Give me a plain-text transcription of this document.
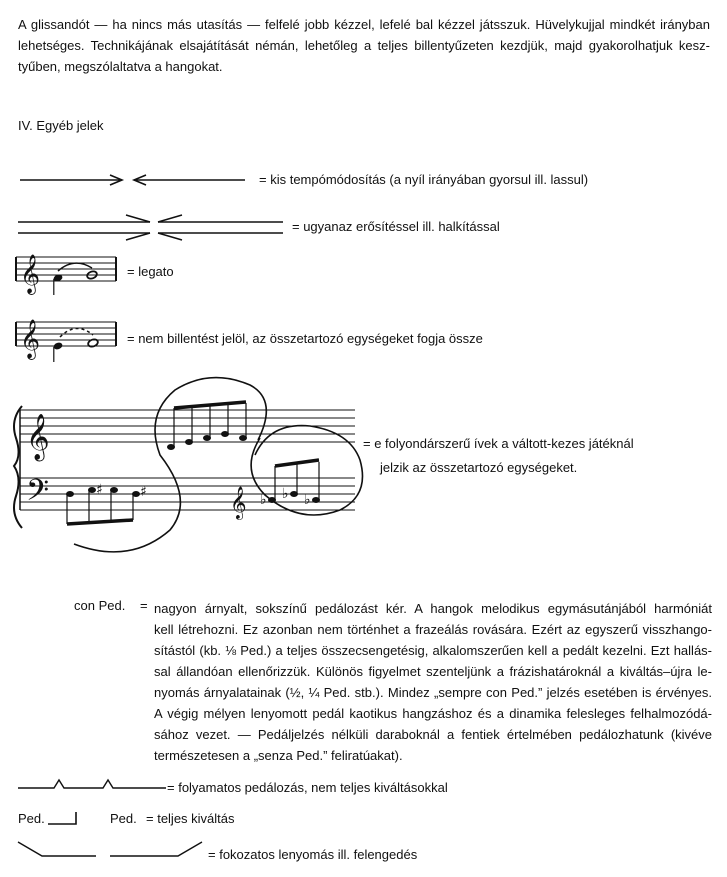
A glissandót — ha nincs más utasítás — felfelé jobb kézzel, lefelé bal kézzel játsszuk. Hüvelykujjal mindkét irányban
lehetséges. Technikájának elsajátítását némán, lehetőleg a teljes billentyűzeten kezdjük, majd gyakorolhatjuk kesz-
tyűben, megszólaltatva a hangokat.
IV. Egyéb jelek
= kis tempómódosítás (a nyíl irányában gyorsul ill. lassul)
= ugyanaz erősítéssel ill. halkítással
𝄞	= legato
𝄞	= nem billentést jelöl, az összetartozó egységeket fogja össze
𝄞
𝄢	♯	♯	𝄞 ♭ ♭ ♭
= e folyondárszerű ívek a váltott-kezes játéknál
jelzik az összetartozó egységeket.
con Ped. = nagyon árnyalt, sokszínű pedálozást kér. A hangok melodikus egymásutánjából harmóniát
kell létrehozni. Ez azonban nem történhet a frazeálás rovására. Ezért az egyszerű visszhango-
sítástól (kb. ⅛ Ped.) a teljes összecsengetésig, alkalomszerűen kell a pedált kezelni. Ezt hallás-
sal állandóan ellenőrizzük. Különös figyelmet szenteljünk a frázishatároknál a kiváltás–újra le-
nyomás árnyalatainak (½, ¼ Ped. stb.). Mindez „sempre con Ped.” jelzés esetében is érvényes.
A végig mélyen lenyomott pedál kaotikus hangzáshoz és a dinamika felesleges felhalmozódá-
sához vezet. — Pedáljelzés nélküli daraboknál a fentiek értelmében pedálozhatunk (kivéve
természetesen a „senza Ped.” feliratúakat).
= folyamatos pedálozás, nem teljes kiváltásokkal
Ped.	Ped. = teljes kiváltás
= fokozatos lenyomás ill. felengedés
